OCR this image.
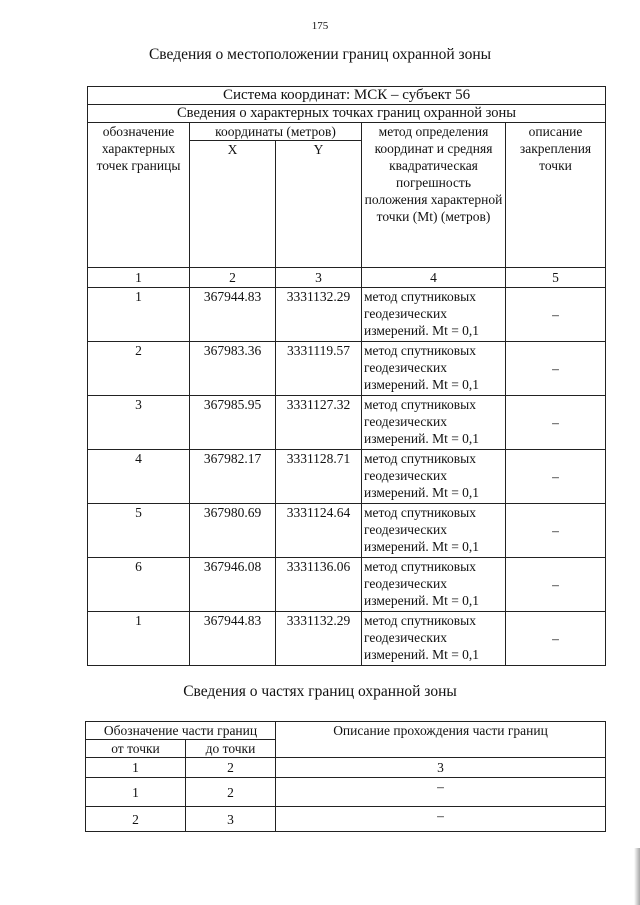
175
Сведения о местоположении границ охранной зоны
Система координат: МСК – субъект 56				
Сведения о характерных точках границ охранной зоны				
обозначение характерных точек границы	координаты (метров)		метод определения координат и средняя квадратическая погрешность положения характерной точки (Mt) (метров)	описание закрепления точки
	X	Y		
1	2	3	4	5
1	367944.83	3331132.29	метод спутниковых геодезических измерений. Mt = 0,1	–
2	367983.36	3331119.57	метод спутниковых геодезических измерений. Mt = 0,1	–
3	367985.95	3331127.32	метод спутниковых геодезических измерений. Mt = 0,1	–
4	367982.17	3331128.71	метод спутниковых геодезических измерений. Mt = 0,1	–
5	367980.69	3331124.64	метод спутниковых геодезических измерений. Mt = 0,1	–
6	367946.08	3331136.06	метод спутниковых геодезических измерений. Mt = 0,1	–
1	367944.83	3331132.29	метод спутниковых геодезических измерений. Mt = 0,1	–
Сведения о частях границ охранной зоны
Обозначение части границ		Описание прохождения части границ
от точки	до точки	
1	2	3
1	2	–
2	3	–
